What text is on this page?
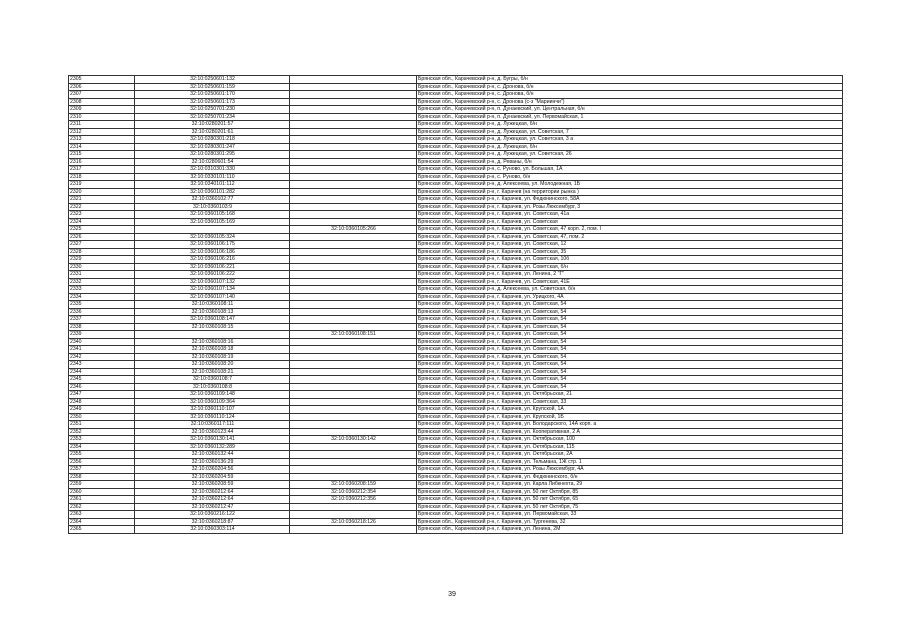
2305	32:10:0250601:132		Брянская обл., Карачевский р-н, д. Бугры, б/н
2306	32:10:0250601:159		Брянская обл., Карачевский р-н, с. Дронова, б/н
2307	32:10:0250601:170		Брянская обл., Карачевский р-н, с. Дронова, б/н
2308	32:10:0250601:173		Брянская обл., Карачевский р-н, с. Дронова (с-з "Мариинчи")
2309	32:10:0250701:230		Брянская обл., Карачевский р-н, п. Дунаевский, ул. Центральная, б/н
2310	32:10:0250701:234		Брянская обл., Карачевский р-н, п. Дунаевский, ул. Первомайская, 1
2311	32:10:0280201:57		Брянская обл., Карачевский р-н, д. Лужецкая, б/н
2312	32:10:0280201:61		Брянская обл., Карачевский р-н, д. Лужецкая, ул. Советская, 7
2313	32:10:0280301:218		Брянская обл., Карачевский р-н, д. Лужецкая, ул. Советская, 3 а
2314	32:10:0280301:247		Брянская обл., Карачевский р-н, д. Лужецкая, б/н
2315	32:10:0280301:295		Брянская обл., Карачевский р-н, д. Лужецкая, ул. Советская, 26
2316	32:10:0280601:54		Брянская обл., Карачевский р-н, д. Реваны, б/н
2317	32:10:0310301:330		Брянская обл., Карачевский р-н, с. Руново, ул. Большая, 1А
2318	32:10:0330101:110		Брянская обл., Карачевский р-н, с. Руново, б/н
2319	32:10:0340101:112		Брянская обл., Карачевский р-н, д. Алексеева, ул. Молодежная, 1Б
2320	32:10:0360101:282		Брянская обл., Карачевский р-н, г. Карачев (на территории рынка )
2321	32:10:0360102:77		Брянская обл., Карачевский р-н, г. Карачев, ул. Федюнинского, 58А
2322	32:10:0360103:9		Брянская обл., Карачевский р-н, г. Карачев, ул. Розы Люксембург, 3
2323	32:10:0360105:168		Брянская обл., Карачевский р-н, г. Карачев, ул. Советская, 41а
2324	32:10:0360105:169		Брянская обл., Карачевский р-н, г. Карачев, ул. Советская
2325		32:10:0360105:266	Брянская обл., Карачевский р-н, г. Карачев, ул. Советская, 47 корп. 2, пом. I
2326	32:10:0360105:324		Брянская обл., Карачевский р-н, г. Карачев, ул. Советская, 47, пом. 2
2327	32:10:0360106:175		Брянская обл., Карачевский р-н, г. Карачев, ул. Советская, 12
2328	32:10:0360106:186		Брянская обл., Карачевский р-н, г. Карачев, ул. Советская, 35
2329	32:10:0360106:216		Брянская обл., Карачевский р-н, г. Карачев, ул. Советская, 10б
2330	32:10:0360106:221		Брянская обл., Карачевский р-н, г. Карачев, ул. Советская, б/н
2331	32:10:0360106:222		Брянская обл., Карачевский р-н, г. Карачев, ул. Ленина, 2 "Г"
2332	32:10:0360107:132		Брянская обл., Карачевский р-н, г. Карачев, ул. Советская, 41Е
2333	32:10:0360107:134		Брянская обл., Карачевский р-н, д. Алексеева, ул. Советская, б/н
2334	32:10:0360107:140		Брянская обл., Карачевский р-н, г. Карачев, ул. Урицкого, 4А
2335	32:10:0360108:11		Брянская обл., Карачевский р-н, г. Карачев, ул. Советская, 54
2336	32:10:0360108:13		Брянская обл., Карачевский р-н, г. Карачев, ул. Советская, 54
2337	32:10:0360108:147		Брянская обл., Карачевский р-н, г. Карачев, ул. Советская, 54
2338	32:10:0360108:15		Брянская обл., Карачевский р-н, г. Карачев, ул. Советская, 54
2339		32:10:0360108:151	Брянская обл., Карачевский р-н, г. Карачев, ул. Советская, 54
2340	32:10:0360108:16		Брянская обл., Карачевский р-н, г. Карачев, ул. Советская, 54
2341	32:10:0360108:18		Брянская обл., Карачевский р-н, г. Карачев, ул. Советская, 54
2342	32:10:0360108:19		Брянская обл., Карачевский р-н, г. Карачев, ул. Советская, 54
2343	32:10:0360108:20		Брянская обл., Карачевский р-н, г. Карачев, ул. Советская, 54
2344	32:10:0360108:21		Брянская обл., Карачевский р-н, г. Карачев, ул. Советская, 54
2345	32:10:0360108:7		Брянская обл., Карачевский р-н, г. Карачев, ул. Советская, 54
2346	32:10:0360108:8		Брянская обл., Карачевский р-н, г. Карачев, ул. Советская, 54
2347	32:10:0360109:148		Брянская обл., Карачевский р-н, г. Карачев, ул. Октябрьская, 21
2348	32:10:0360109:364		Брянская обл., Карачевский р-н, г. Карачев, ул. Советская, 33
2349	32:10:0360110:107		Брянская обл., Карачевский р-н, г. Карачев, ул. Крупской, 1А
2350	32:10:0360110:124		Брянская обл., Карачевский р-н, г. Карачев, ул. Крупской, 1Б
2351	32:10:0360117:111		Брянская обл., Карачевский р-н, г. Карачев, ул. Володарского, 14А корп. а
2352	32:10:0360123:44		Брянская обл., Карачевский р-н, г. Карачев, ул. Кооперативная, 2 А
2353	32:10:0360130:141	32:10:0360130:142	Брянская обл., Карачевский р-н, г. Карачев, ул. Октябрьская, 100
2354	32:10:0360132:289		Брянская обл., Карачевский р-н, г. Карачев, ул. Октябрьская, 115
2355	32:10:0360132:44		Брянская обл., Карачевский р-н, г. Карачев, ул. Октябрьская, 2А
2356	32:10:0360136:29		Брянская обл., Карачевский р-н, г. Карачев, ул. Тельмана, 1Ж стр. 1
2357	32:10:0360204:56		Брянская обл., Карачевский р-н, г. Карачев, ул. Розы Люксембург, 4А
2358	32:10:0360204:59		Брянская обл., Карачевский р-н, г. Карачев, ул. Федюнинского, б/н
2359	32:10:0360208:59	32:10:0360208:159	Брянская обл., Карачевский р-н, г. Карачев, ул. Карла Либкнехта, 29
2360	32:10:0360212:64	32:10:0360212:354	Брянская обл., Карачевский р-н, г. Карачев, ул. 50 лет Октября, 85
2361	32:10:0360212:64	32:10:0360212:356	Брянская обл., Карачевский р-н, г. Карачев, ул. 50 лет Октября, 65
2362	32:10:0360212:47		Брянская обл., Карачевский р-н, г. Карачев, ул. 50 лет Октября, 75
2363	32:10:0360216:122		Брянская обл., Карачевский р-н, г. Карачев, ул. Первомайская, 33
2364	32:10:0360218:87	32:10:0360218:126	Брянская обл., Карачевский р-н, г. Карачев, ул. Тургенева, 32
2365	32:10:0360303:114		Брянская обл., Карачевский р-н, г. Карачев, ул. Ленина, 2М
39
